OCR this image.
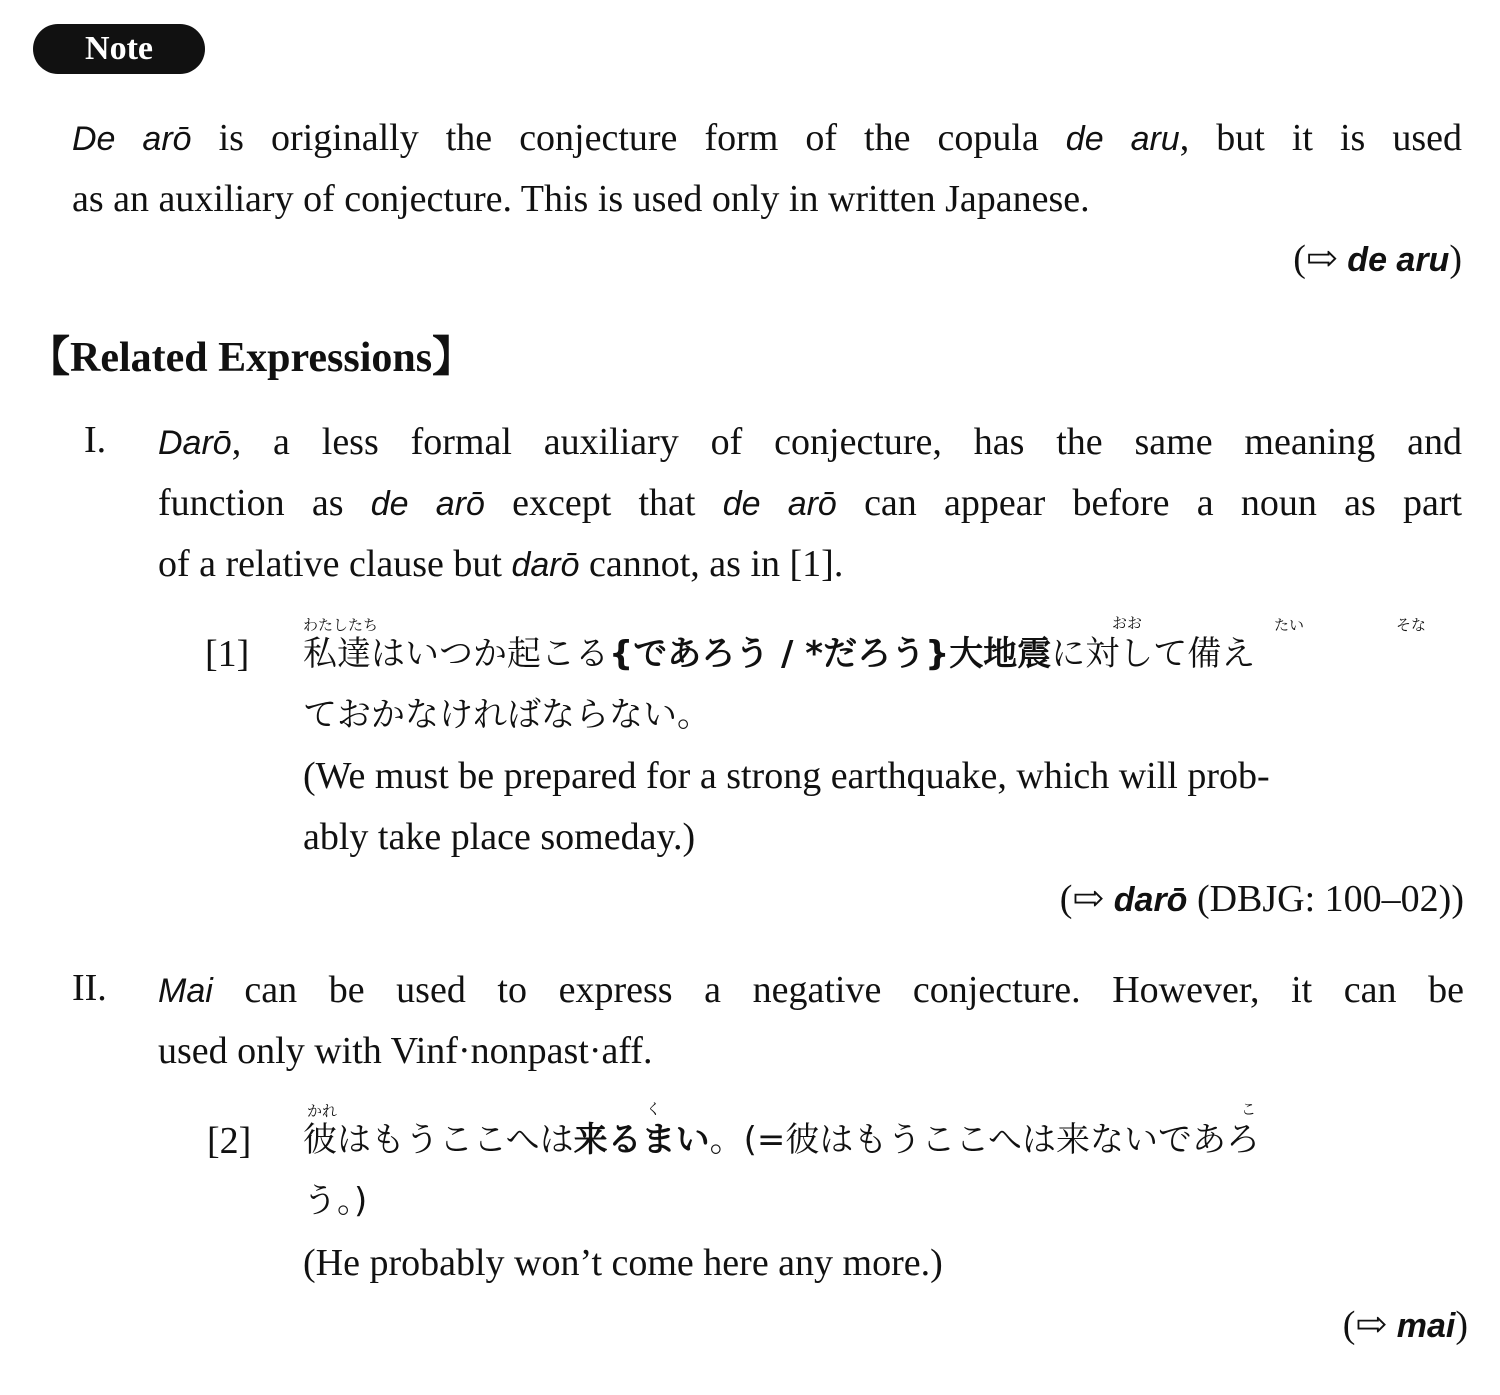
Note
De arō is originally the conjecture form of the copula de aru, but it is used
as an auxiliary of conjecture. This is used only in written Japanese.
(⇨ de aru)
【Related Expressions】
I. Darō, a less formal auxiliary of conjecture, has the same meaning and
function as de arō except that de arō can appear before a noun as part
of a relative clause but darō cannot, as in [1].
[1]
わたしたち	おお	たい	そな
私達はいつか起こる{であろう / *だろう}大地震に対して備え
ておかなければならない。
(We must be prepared for a strong earthquake, which will prob-
ably take place someday.)
(⇨ darō (DBJG: 100–02))
II. Mai can be used to express a negative conjecture. However, it can be
used only with Vinf·nonpast·aff.
[2]
かれ	く	こ
彼はもうここへは来るまい。(=彼はもうここへは来ないであろ
う。)
(He probably won’t come here any more.)
(⇨ mai)
